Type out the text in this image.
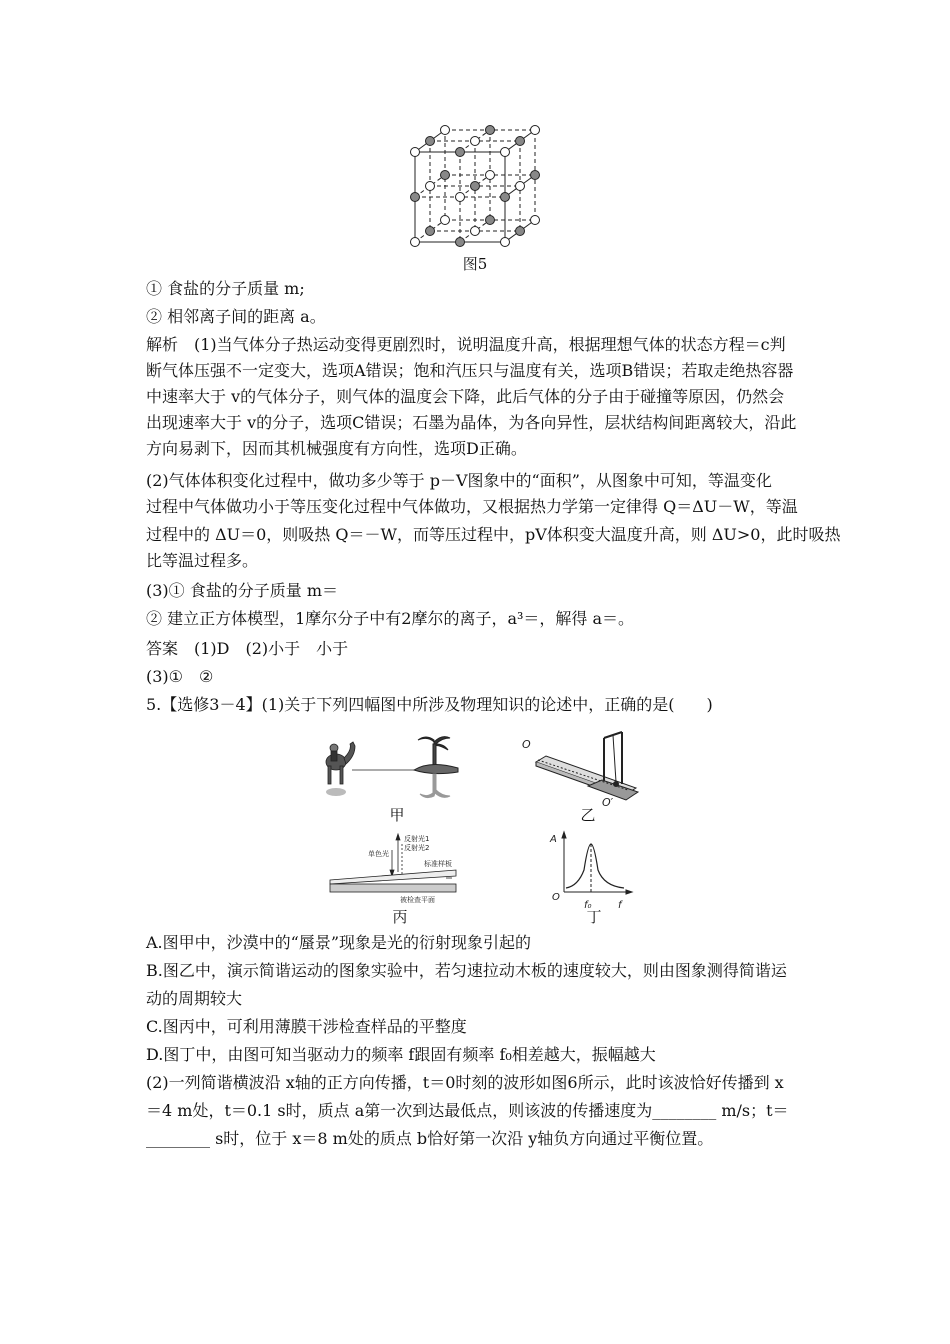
图5
① 食盐的分子质量 m;
② 相邻离子间的距离 a。
解析　(1)当气体分子热运动变得更剧烈时，说明温度升高，根据理想气体的状态方程＝c判
断气体压强不一定变大，选项A错误；饱和汽压只与温度有关，选项B错误；若取走绝热容器
中速率大于 v的气体分子，则气体的温度会下降，此后气体的分子由于碰撞等原因，仍然会
出现速率大于 v的分子，选项C错误；石墨为晶体，为各向异性，层状结构间距离较大，沿此
方向易剥下，因而其机械强度有方向性，选项D正确。
(2)气体体积变化过程中，做功多少等于 p－V图象中的“面积”，从图象中可知，等温变化
过程中气体做功小于等压变化过程中气体做功，又根据热力学第一定律得 Q＝ΔU－W，等温
过程中的 ΔU＝0，则吸热 Q＝－W，而等压过程中，pV体积变大温度升高，则 ΔU>0，此时吸热
比等温过程多。
(3)① 食盐的分子质量 m＝
② 建立正方体模型，1摩尔分子中有2摩尔的离子，a³＝，解得 a＝。
答案　(1)D　(2)小于　小于
(3)①　②
5.【选修3－4】(1)关于下列四幅图中所涉及物理知识的论述中，正确的是(　　)
甲
O
O′
乙
反射光1
反射光2
单色光
标准样板
被检查平面
丙
A
O
f₀	f
丁
A.图甲中，沙漠中的“蜃景”现象是光的衍射现象引起的
B.图乙中，演示简谐运动的图象实验中，若匀速拉动木板的速度较大，则由图象测得简谐运
动的周期较大
C.图丙中，可利用薄膜干涉检查样品的平整度
D.图丁中，由图可知当驱动力的频率 f跟固有频率 f₀相差越大，振幅越大
(2)一列简谐横波沿 x轴的正方向传播，t＝0时刻的波形如图6所示，此时该波恰好传播到 x
＝4 m处，t＝0.1 s时，质点 a第一次到达最低点，则该波的传播速度为________ m/s；t＝
________ s时，位于 x＝8 m处的质点 b恰好第一次沿 y轴负方向通过平衡位置。
